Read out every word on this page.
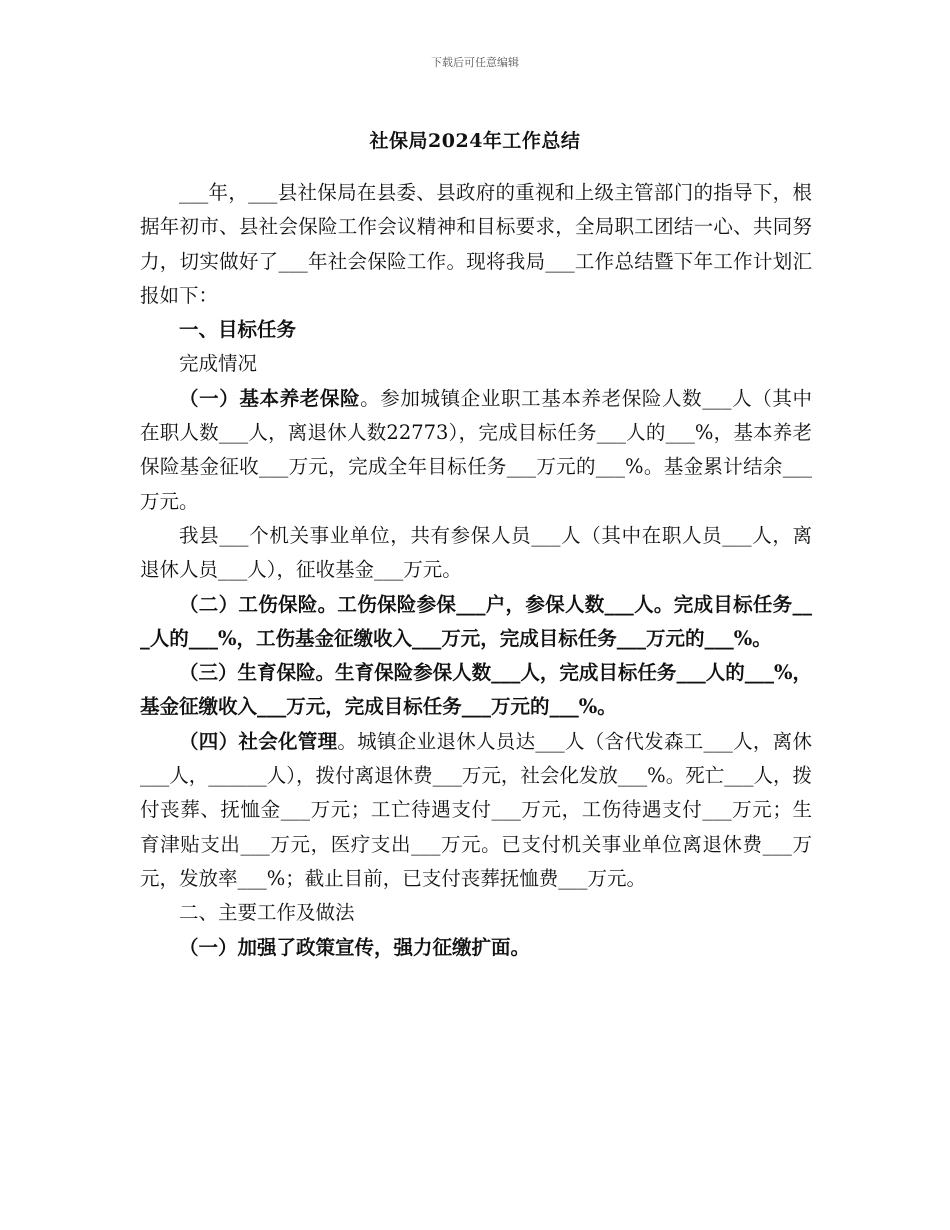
下载后可任意编辑
社保局2024年工作总结

___年，___县社保局在县委、县政府的重视和上级主管部门的指导下，根据年初市、县社会保险工作会议精神和目标要求，全局职工团结一心、共同努力，切实做好了___年社会保险工作。现将我局___工作总结暨下年工作计划汇报如下：

一、目标任务

完成情况

（一）基本养老保险。参加城镇企业职工基本养老保险人数___人（其中在职人数___人，离退休人数22773），完成目标任务___人的___%，基本养老保险基金征收___万元，完成全年目标任务___万元的___%。基金累计结余___万元。

我县___个机关事业单位，共有参保人员___人（其中在职人员___人，离退休人员___人），征收基金___万元。

（二）工伤保险。工伤保险参保___户，参保人数___人。完成目标任务___人的___%，工伤基金征缴收入___万元，完成目标任务___万元的___%。

（三）生育保险。生育保险参保人数___人，完成目标任务___人的___%，基金征缴收入___万元，完成目标任务___万元的___%。

（四）社会化管理。城镇企业退休人员达___人（含代发森工___人，离休___人，______人），拨付离退休费___万元，社会化发放___%。死亡___人，拨付丧葬、抚恤金___万元；工亡待遇支付___万元，工伤待遇支付___万元；生育津贴支出___万元，医疗支出___万元。已支付机关事业单位离退休费___万元，发放率___%；截止目前，已支付丧葬抚恤费___万元。

二、主要工作及做法

（一）加强了政策宣传，强力征缴扩面。
